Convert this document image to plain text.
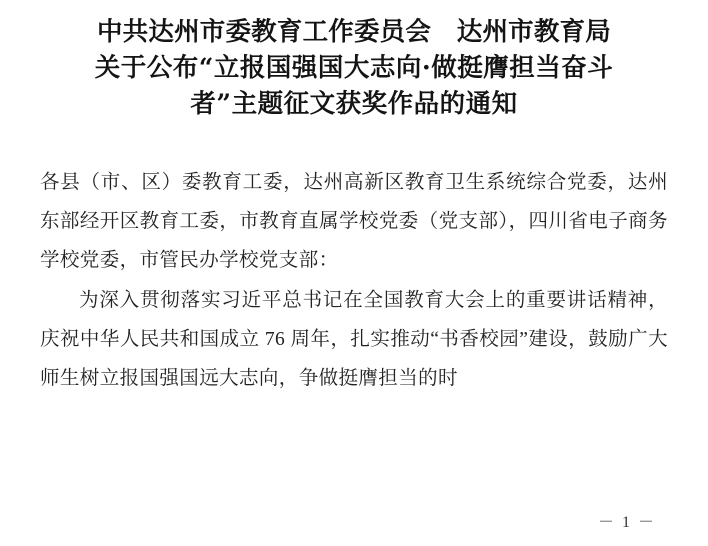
中共达州市委教育工作委员会　达州市教育局
关于公布“立报国强国大志向·做挺膺担当奋斗
者”主题征文获奖作品的通知

各县（市、区）委教育工委，达州高新区教育卫生系统综合党委，达州东部经开区教育工委，市教育直属学校党委（党支部），四川省电子商务学校党委，市管民办学校党支部：

为深入贯彻落实习近平总书记在全国教育大会上的重要讲话精神，庆祝中华人民共和国成立 76 周年，扎实推动“书香校园”建设，鼓励广大师生树立报国强国远大志向，争做挺膺担当的时

－ 1 －
